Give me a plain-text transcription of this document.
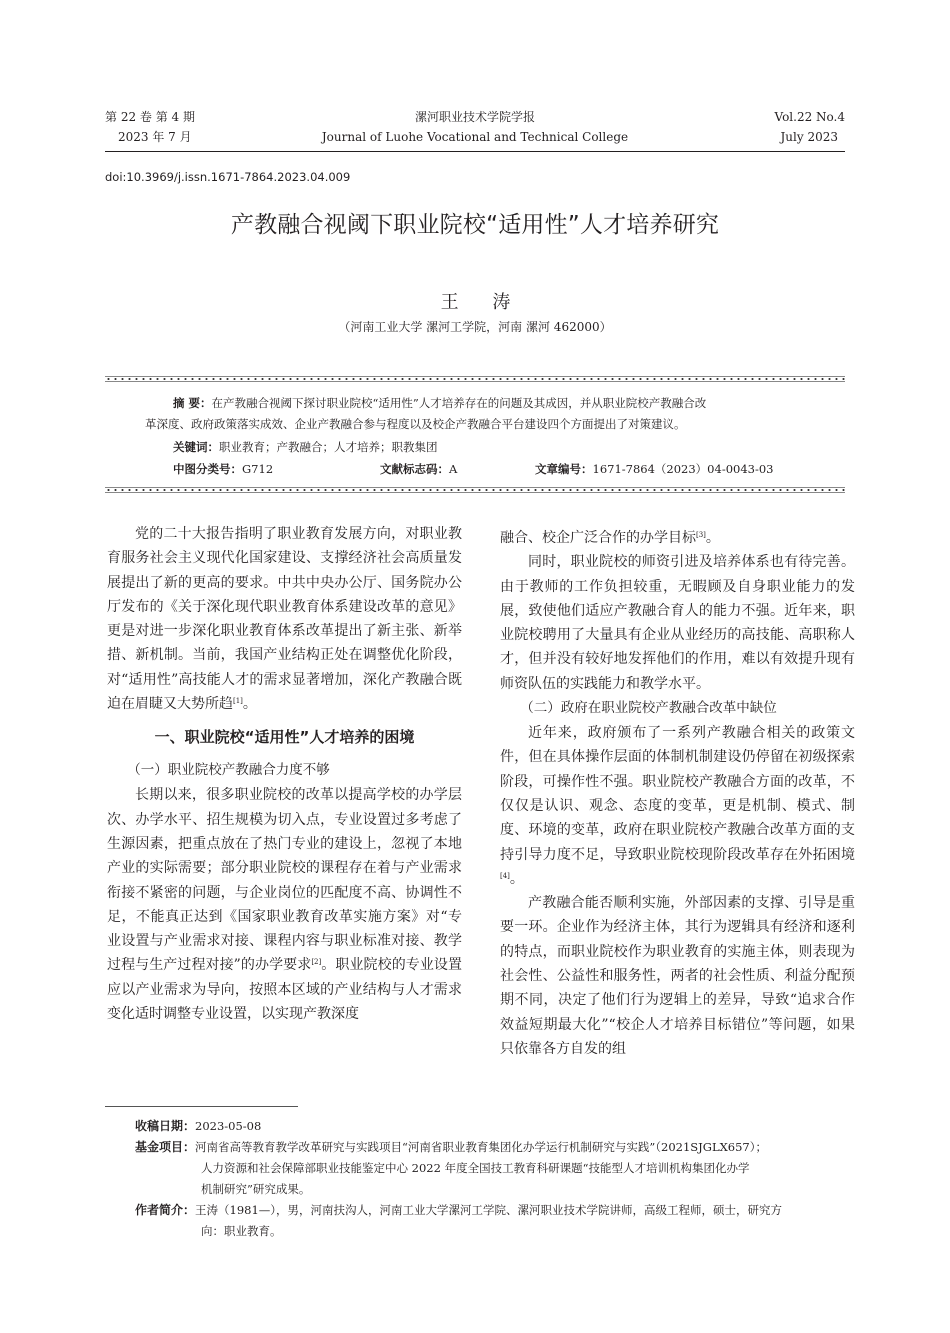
第 22 卷 第 4 期
2023 年 7 月
漯河职业技术学院学报
Journal of Luohe Vocational and Technical College
Vol.22 No.4
July 2023
doi:10.3969/j.issn.1671-7864.2023.04.009
产教融合视阈下职业院校“适用性”人才培养研究
王 涛
（河南工业大学 漯河工学院，河南 漯河 462000）
摘 要：在产教融合视阈下探讨职业院校“适用性”人才培养存在的问题及其成因，并从职业院校产教融合改
革深度、政府政策落实成效、企业产教融合参与程度以及校企产教融合平台建设四个方面提出了对策建议。
关键词：职业教育；产教融合；人才培养；职教集团
中图分类号：G712	文献标志码：A	文章编号：1671-7864（2023）04-0043-03

党的二十大报告指明了职业教育发展方向，对职业教育服务社会主义现代化国家建设、支撑经济社会高质量发展提出了新的更高的要求。中共中央办公厅、国务院办公厅发布的《关于深化现代职业教育体系建设改革的意见》更是对进一步深化职业教育体系改革提出了新主张、新举措、新机制。当前，我国产业结构正处在调整优化阶段，对“适用性”高技能人才的需求显著增加，深化产教融合既迫在眉睫又大势所趋[1]。

一、职业院校“适用性”人才培养的困境
（一）职业院校产教融合力度不够

长期以来，很多职业院校的改革以提高学校的办学层次、办学水平、招生规模为切入点，专业设置过多考虑了生源因素，把重点放在了热门专业的建设上，忽视了本地产业的实际需要；部分职业院校的课程存在着与产业需求衔接不紧密的问题，与企业岗位的匹配度不高、协调性不足，不能真正达到《国家职业教育改革实施方案》对“专业设置与产业需求对接、课程内容与职业标准对接、教学过程与生产过程对接”的办学要求[2]。职业院校的专业设置应以产业需求为导向，按照本区域的产业结构与人才需求变化适时调整专业设置，以实现产教深度

融合、校企广泛合作的办学目标[3]。

同时，职业院校的师资引进及培养体系也有待完善。由于教师的工作负担较重，无暇顾及自身职业能力的发展，致使他们适应产教融合育人的能力不强。近年来，职业院校聘用了大量具有企业从业经历的高技能、高职称人才，但并没有较好地发挥他们的作用，难以有效提升现有师资队伍的实践能力和教学水平。

（二）政府在职业院校产教融合改革中缺位

近年来，政府颁布了一系列产教融合相关的政策文件，但在具体操作层面的体制机制建设仍停留在初级探索阶段，可操作性不强。职业院校产教融合方面的改革，不仅仅是认识、观念、态度的变革，更是机制、模式、制度、环境的变革，政府在职业院校产教融合改革方面的支持引导力度不足，导致职业院校现阶段改革存在外拓困境[4]。

产教融合能否顺利实施，外部因素的支撑、引导是重要一环。企业作为经济主体，其行为逻辑具有经济和逐利的特点，而职业院校作为职业教育的实施主体，则表现为社会性、公益性和服务性，两者的社会性质、利益分配预期不同，决定了他们行为逻辑上的差异，导致“追求合作效益短期最大化”“校企人才培养目标错位”等问题，如果只依靠各方自发的组

收稿日期：2023-05-08
基金项目：河南省高等教育教学改革研究与实践项目“河南省职业教育集团化办学运行机制研究与实践”（2021SJGLX657）；
人力资源和社会保障部职业技能鉴定中心 2022 年度全国技工教育科研课题“技能型人才培训机构集团化办学
机制研究”研究成果。
作者简介：王涛（1981—），男，河南扶沟人，河南工业大学漯河工学院、漯河职业技术学院讲师，高级工程师，硕士，研究方
向：职业教育。
